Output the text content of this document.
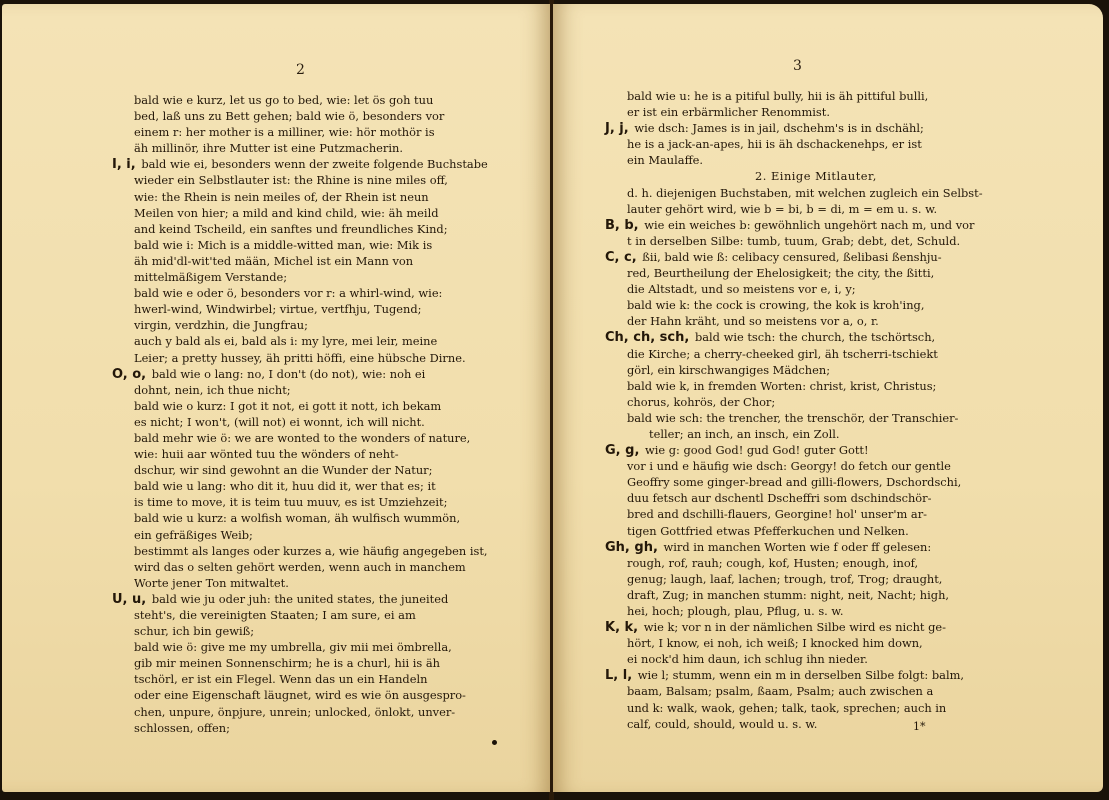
2
bald wie e kurz, let us go to bed, wie: let ös goh tuu
bed, laß uns zu Bett gehen; bald wie ö, besonders vor
einem r: her mother is a milliner, wie: hör mothör is
äh millinör, ihre Mutter ist eine Putzmacherin.
I, i, bald wie ei, besonders wenn der zweite folgende Buchstabe
wieder ein Selbstlauter ist: the Rhine is nine miles off,
wie: the Rhein is nein meiles of, der Rhein ist neun
Meilen von hier; a mild and kind child, wie: äh meild
and keind Tscheild, ein sanftes und freundliches Kind;
bald wie i: Mich is a middle-witted man, wie: Mik is
äh mid'dl-wit'ted mään, Michel ist ein Mann von
mittelmäßigem Verstande;
bald wie e oder ö, besonders vor r: a whirl-wind, wie:
hwerl-wind, Windwirbel; virtue, vertfhju, Tugend;
virgin, verdzhin, die Jungfrau;
auch y bald als ei, bald als i: my lyre, mei leir, meine
Leier; a pretty hussey, äh pritti höffi, eine hübsche Dirne.
O, o, bald wie o lang: no, I don't (do not), wie: noh ei
dohnt, nein, ich thue nicht;
bald wie o kurz: I got it not, ei gott it nott, ich bekam
es nicht; I won't, (will not) ei wonnt, ich will nicht.
bald mehr wie ö: we are wonted to the wonders of nature,
wie: huii aar wönted tuu the wönders of neht-
dschur, wir sind gewohnt an die Wunder der Natur;
bald wie u lang: who dit it, huu did it, wer that es; it
is time to move, it is teim tuu muuv, es ist Umziehzeit;
bald wie u kurz: a wolfish woman, äh wulfisch wummön,
ein gefräßiges Weib;
bestimmt als langes oder kurzes a, wie häufig angegeben ist,
wird das o selten gehört werden, wenn auch in manchem
Worte jener Ton mitwaltet.
U, u, bald wie ju oder juh: the united states, the juneited
steht's, die vereinigten Staaten; I am sure, ei am
schur, ich bin gewiß;
bald wie ö: give me my umbrella, giv mii mei ömbrella,
gib mir meinen Sonnenschirm; he is a churl, hii is äh
tschörl, er ist ein Flegel. Wenn das un ein Handeln
oder eine Eigenschaft läugnet, wird es wie ön ausgespro-
chen, unpure, önpjure, unrein; unlocked, önlokt, unver-
schlossen, offen;
3
bald wie u: he is a pitiful bully, hii is äh pittiful bulli,
er ist ein erbärmlicher Renommist.
J, j, wie dsch: James is in jail, dschehm's is in dschähl;
he is a jack-an-apes, hii is äh dschackenehps, er ist
ein Maulaffe.
2. Einige Mitlauter,
d. h. diejenigen Buchstaben, mit welchen zugleich ein Selbst-
lauter gehört wird, wie b = bi, b = di, m = em u. s. w.
B, b, wie ein weiches b: gewöhnlich ungehört nach m, und vor
t in derselben Silbe: tumb, tuum, Grab; debt, det, Schuld.
C, c, ßii, bald wie ß: celibacy censured, ßelibasi ßenshju-
red, Beurtheilung der Ehelosigkeit; the city, the ßitti,
die Altstadt, und so meistens vor e, i, y;
bald wie k: the cock is crowing, the kok is kroh'ing,
der Hahn kräht, und so meistens vor a, o, r.
Ch, ch, sch, bald wie tsch: the church, the tschörtsch,
die Kirche; a cherry-cheeked girl, äh tscherri-tschiekt
görl, ein kirschwangiges Mädchen;
bald wie k, in fremden Worten: christ, krist, Christus;
chorus, kohrös, der Chor;
bald wie sch: the trencher, the trenschör, der Transchier-
teller; an inch, an insch, ein Zoll.
G, g, wie g: good God! gud God! guter Gott!
vor i und e häufig wie dsch: Georgy! do fetch our gentle
Geoffry some ginger-bread and gilli-flowers, Dschordschi,
duu fetsch aur dschentl Dscheffri som dschindschör-
bred and dschilli-flauers, Georgine! hol' unser'm ar-
tigen Gottfried etwas Pfefferkuchen und Nelken.
Gh, gh, wird in manchen Worten wie f oder ff gelesen:
rough, rof, rauh; cough, kof, Husten; enough, inof,
genug; laugh, laaf, lachen; trough, trof, Trog; draught,
draft, Zug; in manchen stumm: night, neit, Nacht; high,
hei, hoch; plough, plau, Pflug, u. s. w.
K, k, wie k; vor n in der nämlichen Silbe wird es nicht ge-
hört, I know, ei noh, ich weiß; I knocked him down,
ei nock'd him daun, ich schlug ihn nieder.
L, l, wie l; stumm, wenn ein m in derselben Silbe folgt: balm,
baam, Balsam; psalm, ßaam, Psalm; auch zwischen a
und k: walk, waok, gehen; talk, taok, sprechen; auch in
calf, could, should, would u. s. w.	1*
